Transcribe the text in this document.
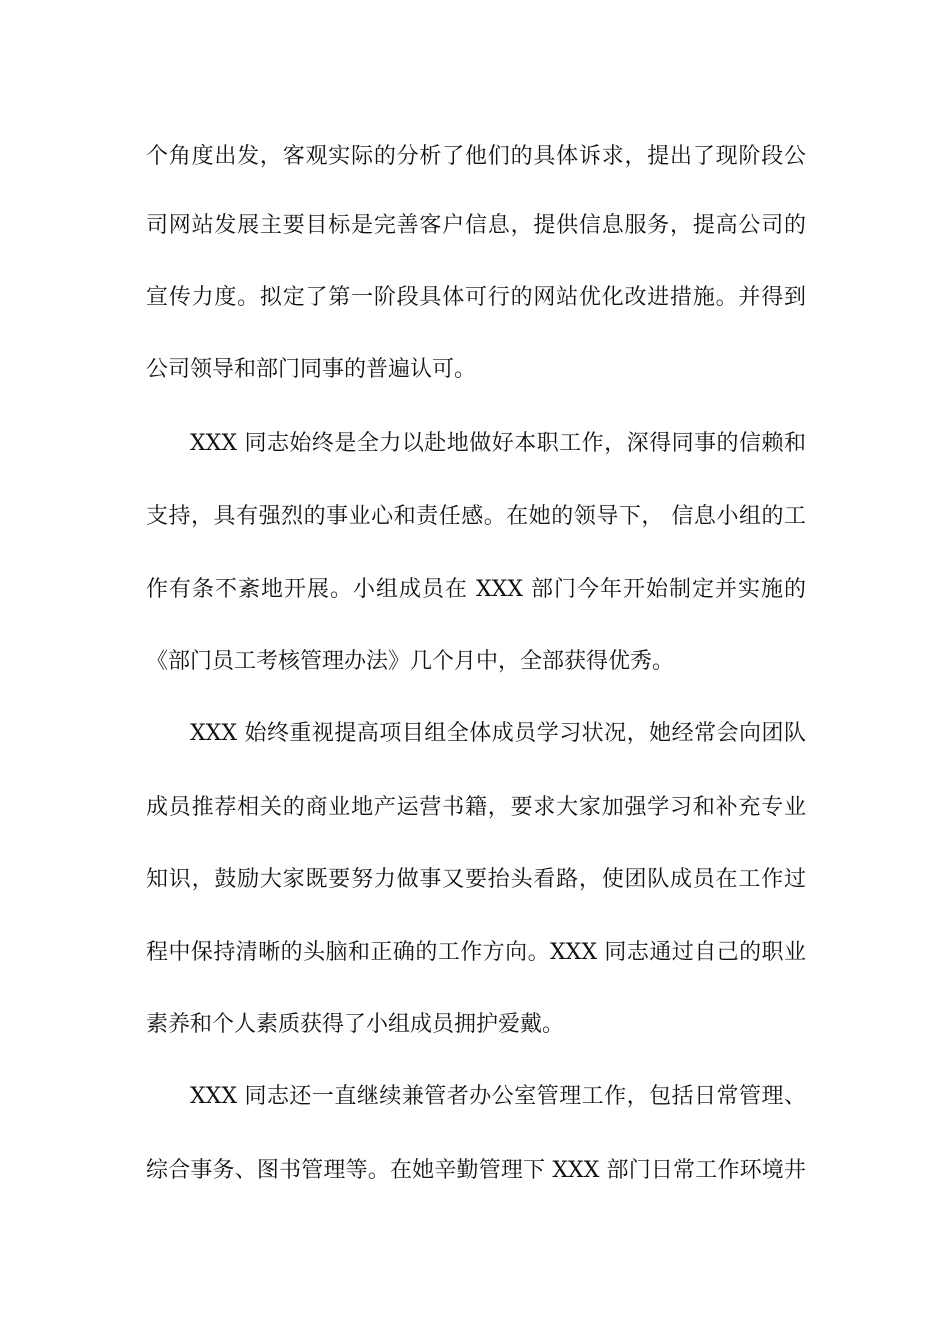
个角度出发，客观实际的分析了他们的具体诉求，提出了现阶段公
司网站发展主要目标是完善客户信息，提供信息服务，提高公司的
宣传力度。拟定了第一阶段具体可行的网站优化改进措施。并得到
公司领导和部门同事的普遍认可。
XXX 同志始终是全力以赴地做好本职工作，深得同事的信赖和
支持，具有强烈的事业心和责任感。在她的领导下， 信息小组的工
作有条不紊地开展。小组成员在 XXX 部门今年开始制定并实施的
《部门员工考核管理办法》几个月中，全部获得优秀。
XXX 始终重视提高项目组全体成员学习状况，她经常会向团队
成员推荐相关的商业地产运营书籍，要求大家加强学习和补充专业
知识，鼓励大家既要努力做事又要抬头看路，使团队成员在工作过
程中保持清晰的头脑和正确的工作方向。XXX 同志通过自己的职业
素养和个人素质获得了小组成员拥护爱戴。
XXX 同志还一直继续兼管者办公室管理工作，包括日常管理、
综合事务、图书管理等。在她辛勤管理下 XXX 部门日常工作环境井
